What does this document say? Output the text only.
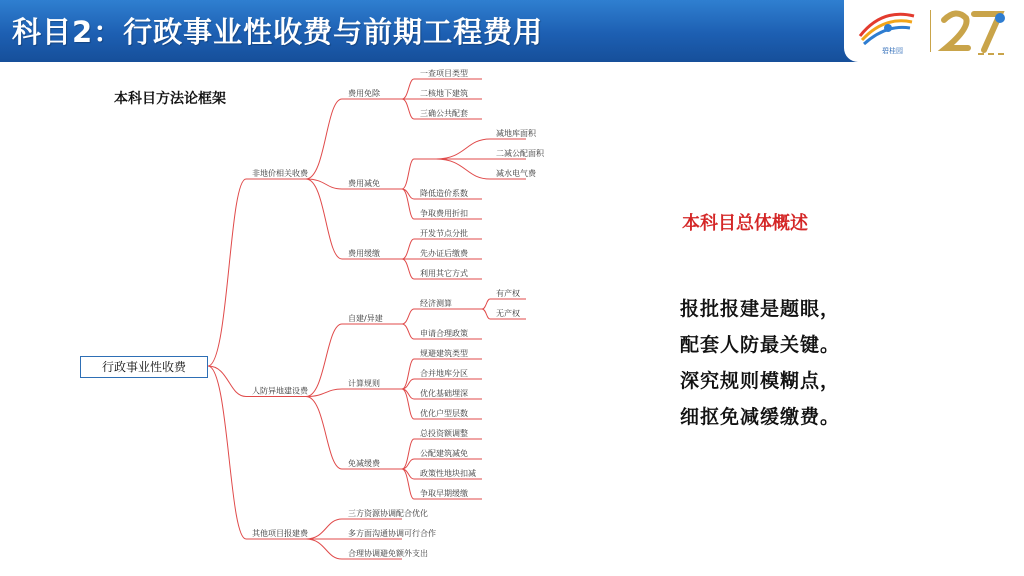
科目2：行政事业性收费与前期工程费用
碧桂园
非地价相关收费
费用免除
一查项目类型
二核地下建筑
三确公共配套
费用减免
减地库面积
二减公配面积
减水电气费
降低造价系数
争取费用折扣
费用缓缴
开发节点分批
先办证后缴费
利用其它方式
人防异地建设费
自建/异建
经济测算
有产权
无产权
申请合理政策
计算规则
规避建筑类型
合并地库分区
优化基础埋深
优化户型层数
免减缓费
总投资额调整
公配建筑减免
政策性地块扣减
争取早期缓缴
其他项目报建费
三方资源协调配合优化
多方面沟通协调可行合作
合理协调避免额外支出
本科目方法论框架
行政事业性收费
本科目总体概述
报批报建是题眼，
配套人防最关键。
深究规则模糊点，
细抠免减缓缴费。
